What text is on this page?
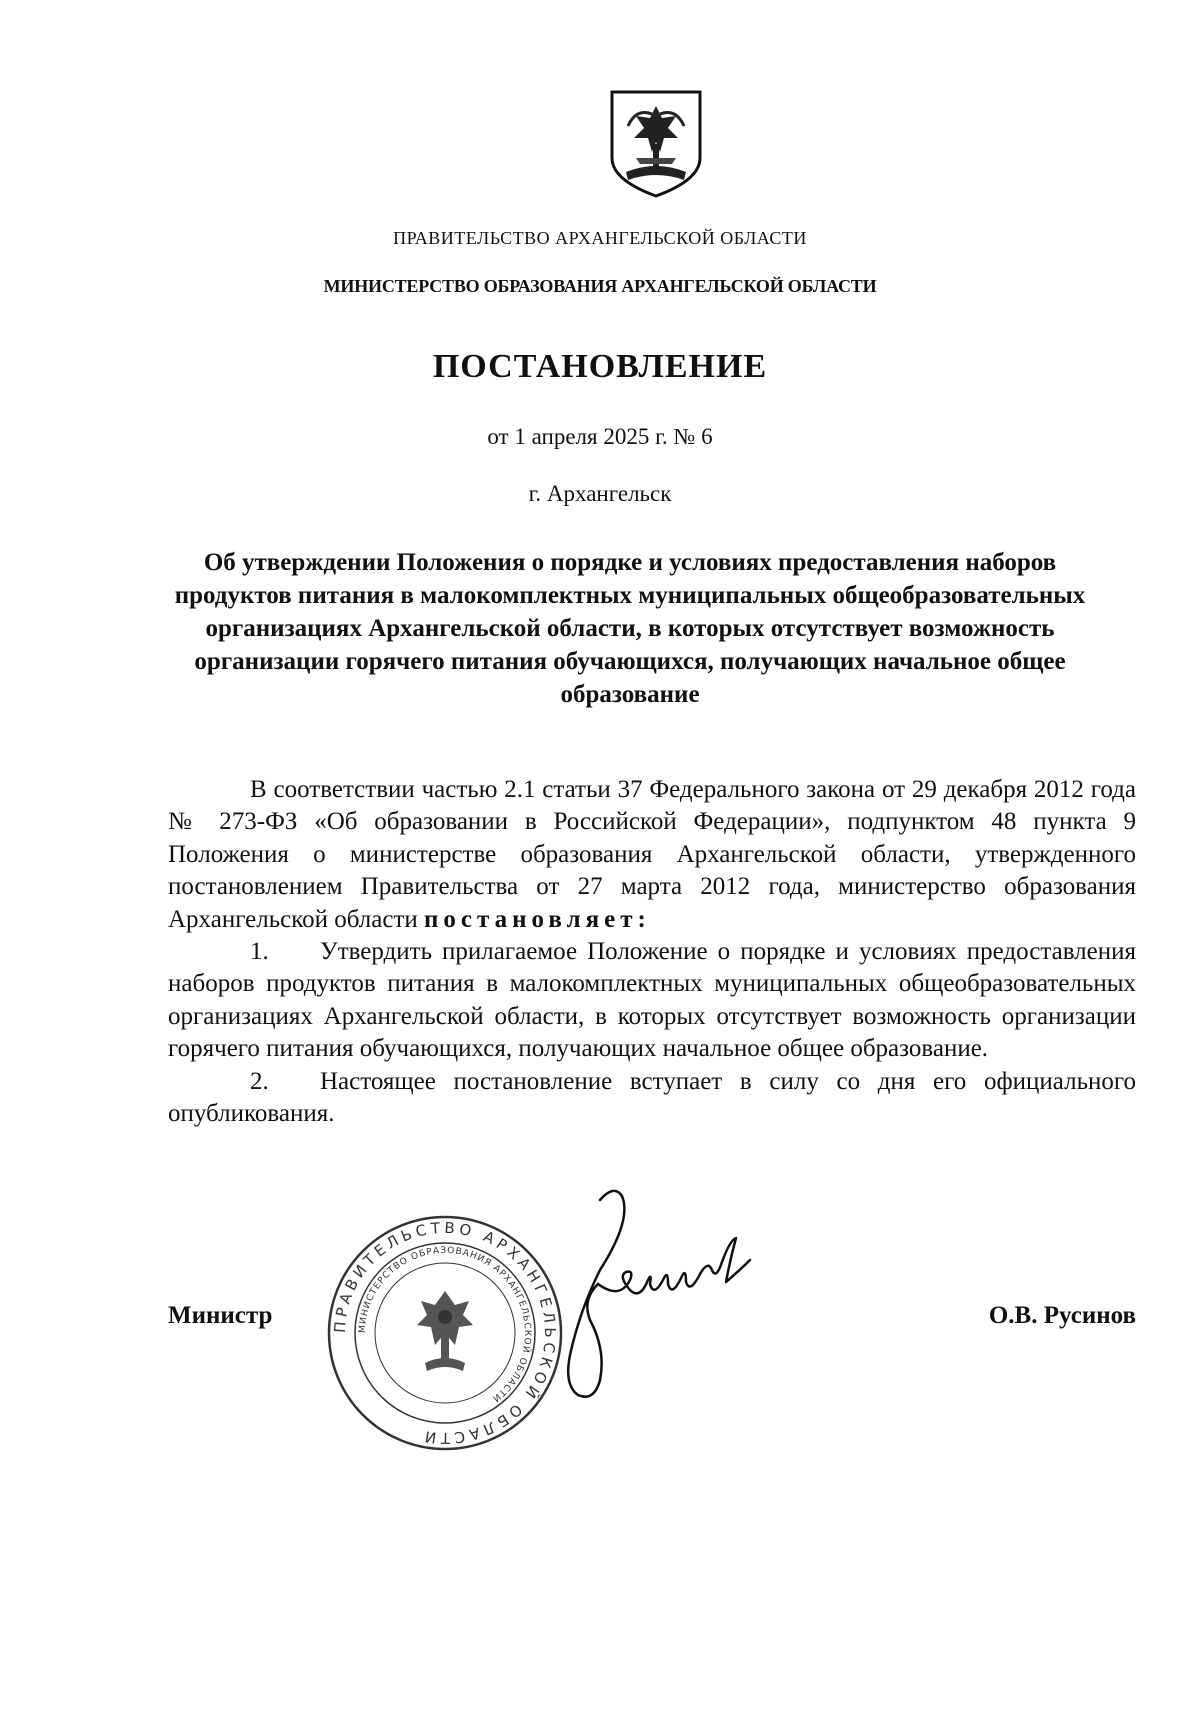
ПРАВИТЕЛЬСТВО АРХАНГЕЛЬСКОЙ ОБЛАСТИ
МИНИСТЕРСТВО ОБРАЗОВАНИЯ АРХАНГЕЛЬСКОЙ ОБЛАСТИ
ПОСТАНОВЛЕНИЕ
от 1 апреля 2025 г. № 6
г. Архангельск
Об утверждении Положения о порядке и условиях предоставления наборов продуктов питания в малокомплектных муниципальных общеобразовательных организациях Архангельской области, в которых отсутствует возможность организации горячего питания обучающихся, получающих начальное общее образование

В соответствии частью 2.1 статьи 37 Федерального закона от 29 декабря 2012 года № 273-ФЗ «Об образовании в Российской Федерации», подпунктом 48 пункта 9 Положения о министерстве образования Архангельской области, утвержденного постановлением Правительства от 27 марта 2012 года, министерство образования Архангельской области постановляет:

1. Утвердить прилагаемое Положение о порядке и условиях предоставления наборов продуктов питания в малокомплектных муниципальных общеобразовательных организациях Архангельской области, в которых отсутствует возможность организации горячего питания обучающихся, получающих начальное общее образование.

2. Настоящее постановление вступает в силу со дня его официального опубликования.

Министр	О.В. Русинов
ПРАВИТЕЛЬСТВО АРХАНГЕЛЬСКОЙ ОБЛАСТИ
МИНИСТЕРСТВО ОБРАЗОВАНИЯ АРХАНГЕЛЬСКОЙ ОБЛАСТИ
